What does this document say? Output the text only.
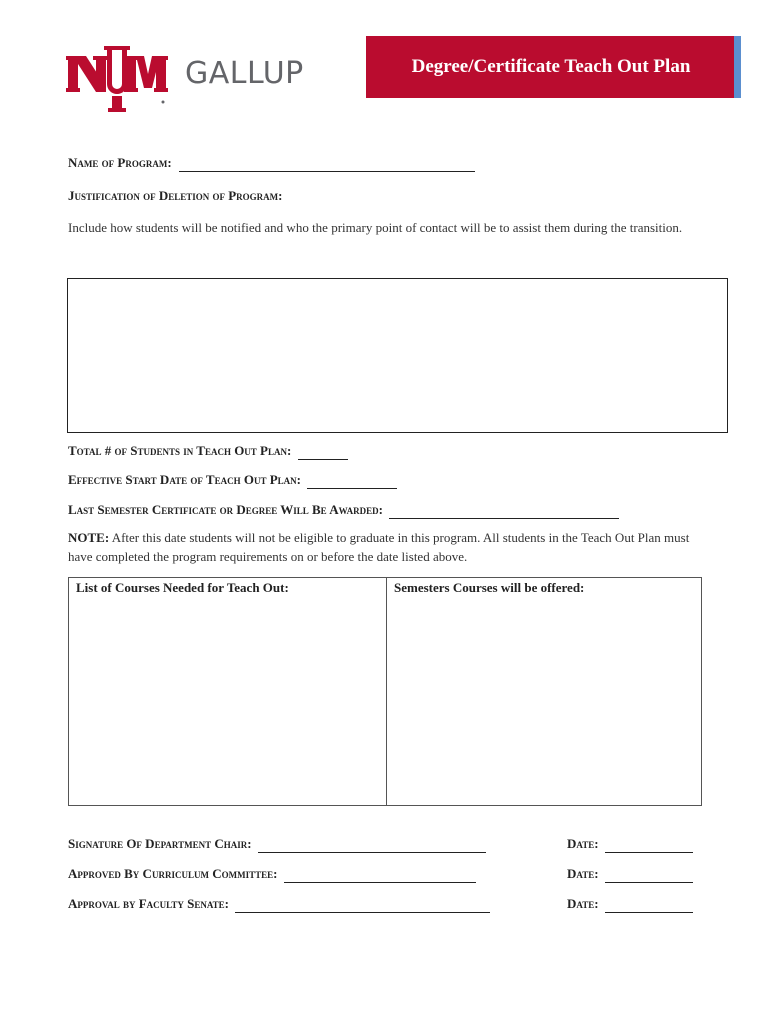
GALLUP	Degree/Certificate Teach Out Plan
Name of Program:
Justification of Deletion of Program:
Include how students will be notified and who the primary point of contact will be to assist them during the transition.
Total # of Students in Teach Out Plan:
Effective Start Date of Teach Out Plan:
Last Semester Certificate or Degree Will Be Awarded:
NOTE: After this date students will not be eligible to graduate in this program. All students in the Teach Out Plan must have completed the program requirements on or before the date listed above.
List of Courses Needed for Teach Out:	Semesters Courses will be offered:
Signature Of Department Chair:	Date:
Approved By Curriculum Committee:	Date:
Approval by Faculty Senate:	Date:
